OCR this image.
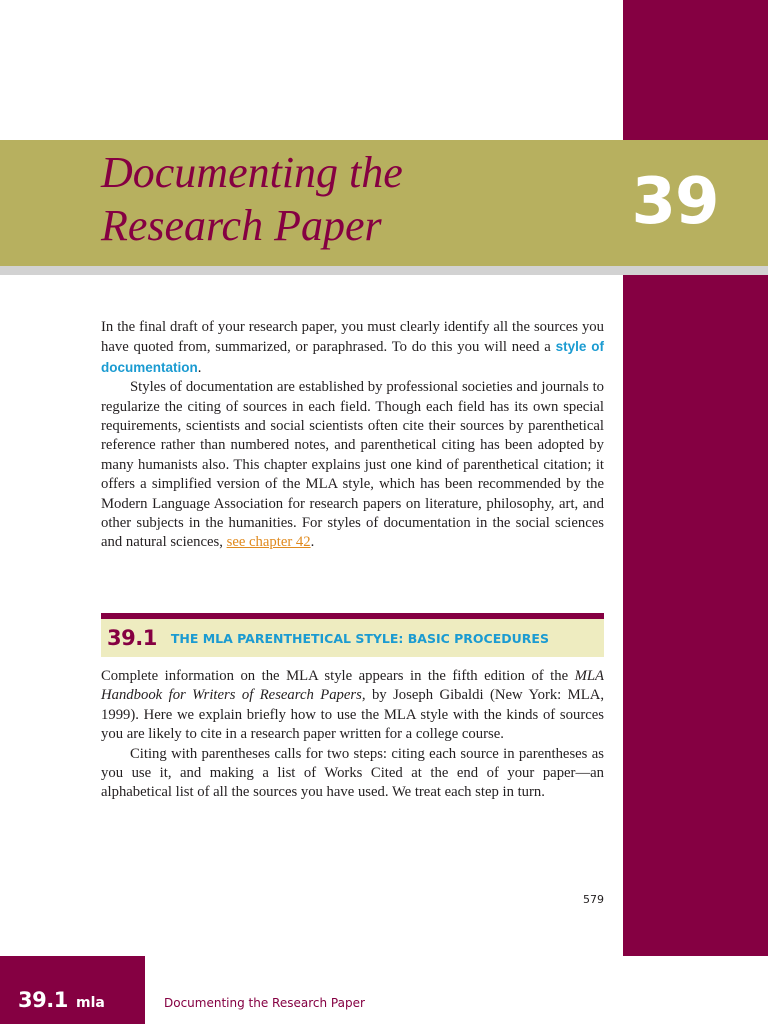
Documenting the
Research Paper	39

In the final draft of your research paper, you must clearly identify all the sources you have quoted from, summarized, or paraphrased. To do this you will need a style of documentation.

Styles of documentation are established by professional societies and journals to regularize the citing of sources in each field. Though each field has its own special requirements, scientists and social scientists often cite their sources by parenthetical reference rather than numbered notes, and parenthetical citing has been adopted by many humanists also. This chapter explains just one kind of parenthetical citation; it offers a simplified version of the MLA style, which has been recommended by the Modern Language Association for research papers on literature, philosophy, art, and other subjects in the humanities. For styles of documentation in the social sciences and natural sciences, see chapter 42.

39.1 THE MLA PARENTHETICAL STYLE: BASIC PROCEDURES

Complete information on the MLA style appears in the fifth edition of the MLA Handbook for Writers of Research Papers, by Joseph Gibaldi (New York: MLA, 1999). Here we explain briefly how to use the MLA style with the kinds of sources you are likely to cite in a research paper written for a college course.

Citing with parentheses calls for two steps: citing each source in parentheses as you use it, and making a list of Works Cited at the end of your paper—an alphabetical list of all the sources you have used. We treat each step in turn.

579
39.1 mla	Documenting the Research Paper
